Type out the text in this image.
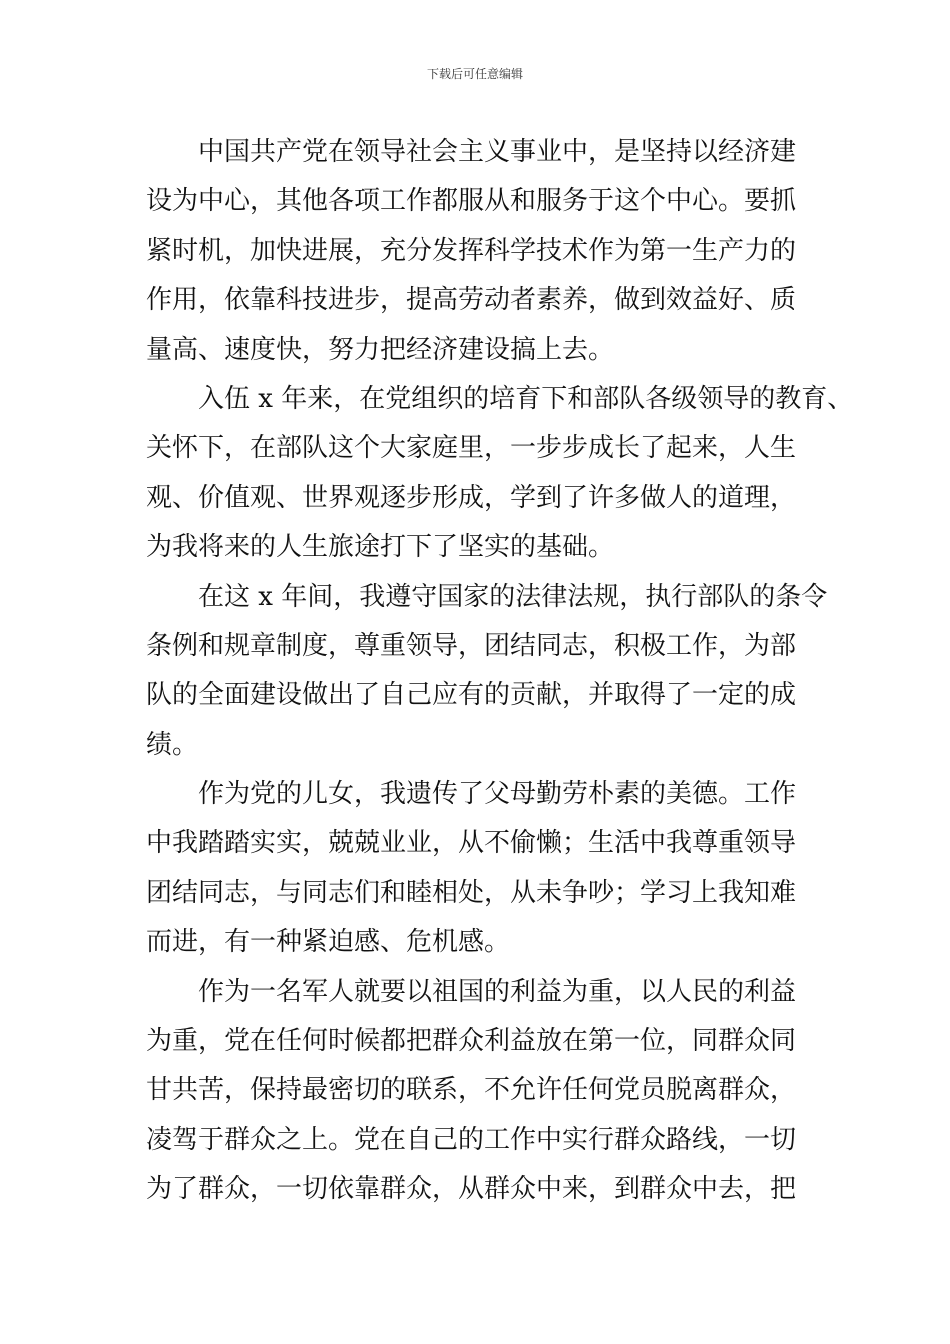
下载后可任意编辑
中国共产党在领导社会主义事业中，是坚持以经济建
设为中心，其他各项工作都服从和服务于这个中心。要抓
紧时机，加快进展，充分发挥科学技术作为第一生产力的
作用，依靠科技进步，提高劳动者素养，做到效益好、质
量高、速度快，努力把经济建设搞上去。
入伍 x 年来，在党组织的培育下和部队各级领导的教育、
关怀下，在部队这个大家庭里，一步步成长了起来，人生
观、价值观、世界观逐步形成，学到了许多做人的道理，
为我将来的人生旅途打下了坚实的基础。
在这 x 年间，我遵守国家的法律法规，执行部队的条令
条例和规章制度，尊重领导，团结同志，积极工作，为部
队的全面建设做出了自己应有的贡献，并取得了一定的成
绩。
作为党的儿女，我遗传了父母勤劳朴素的美德。工作
中我踏踏实实，兢兢业业，从不偷懒；生活中我尊重领导
团结同志，与同志们和睦相处，从未争吵；学习上我知难
而进，有一种紧迫感、危机感。
作为一名军人就要以祖国的利益为重，以人民的利益
为重，党在任何时候都把群众利益放在第一位，同群众同
甘共苦，保持最密切的联系，不允许任何党员脱离群众，
凌驾于群众之上。党在自己的工作中实行群众路线，一切
为了群众，一切依靠群众，从群众中来，到群众中去，把
